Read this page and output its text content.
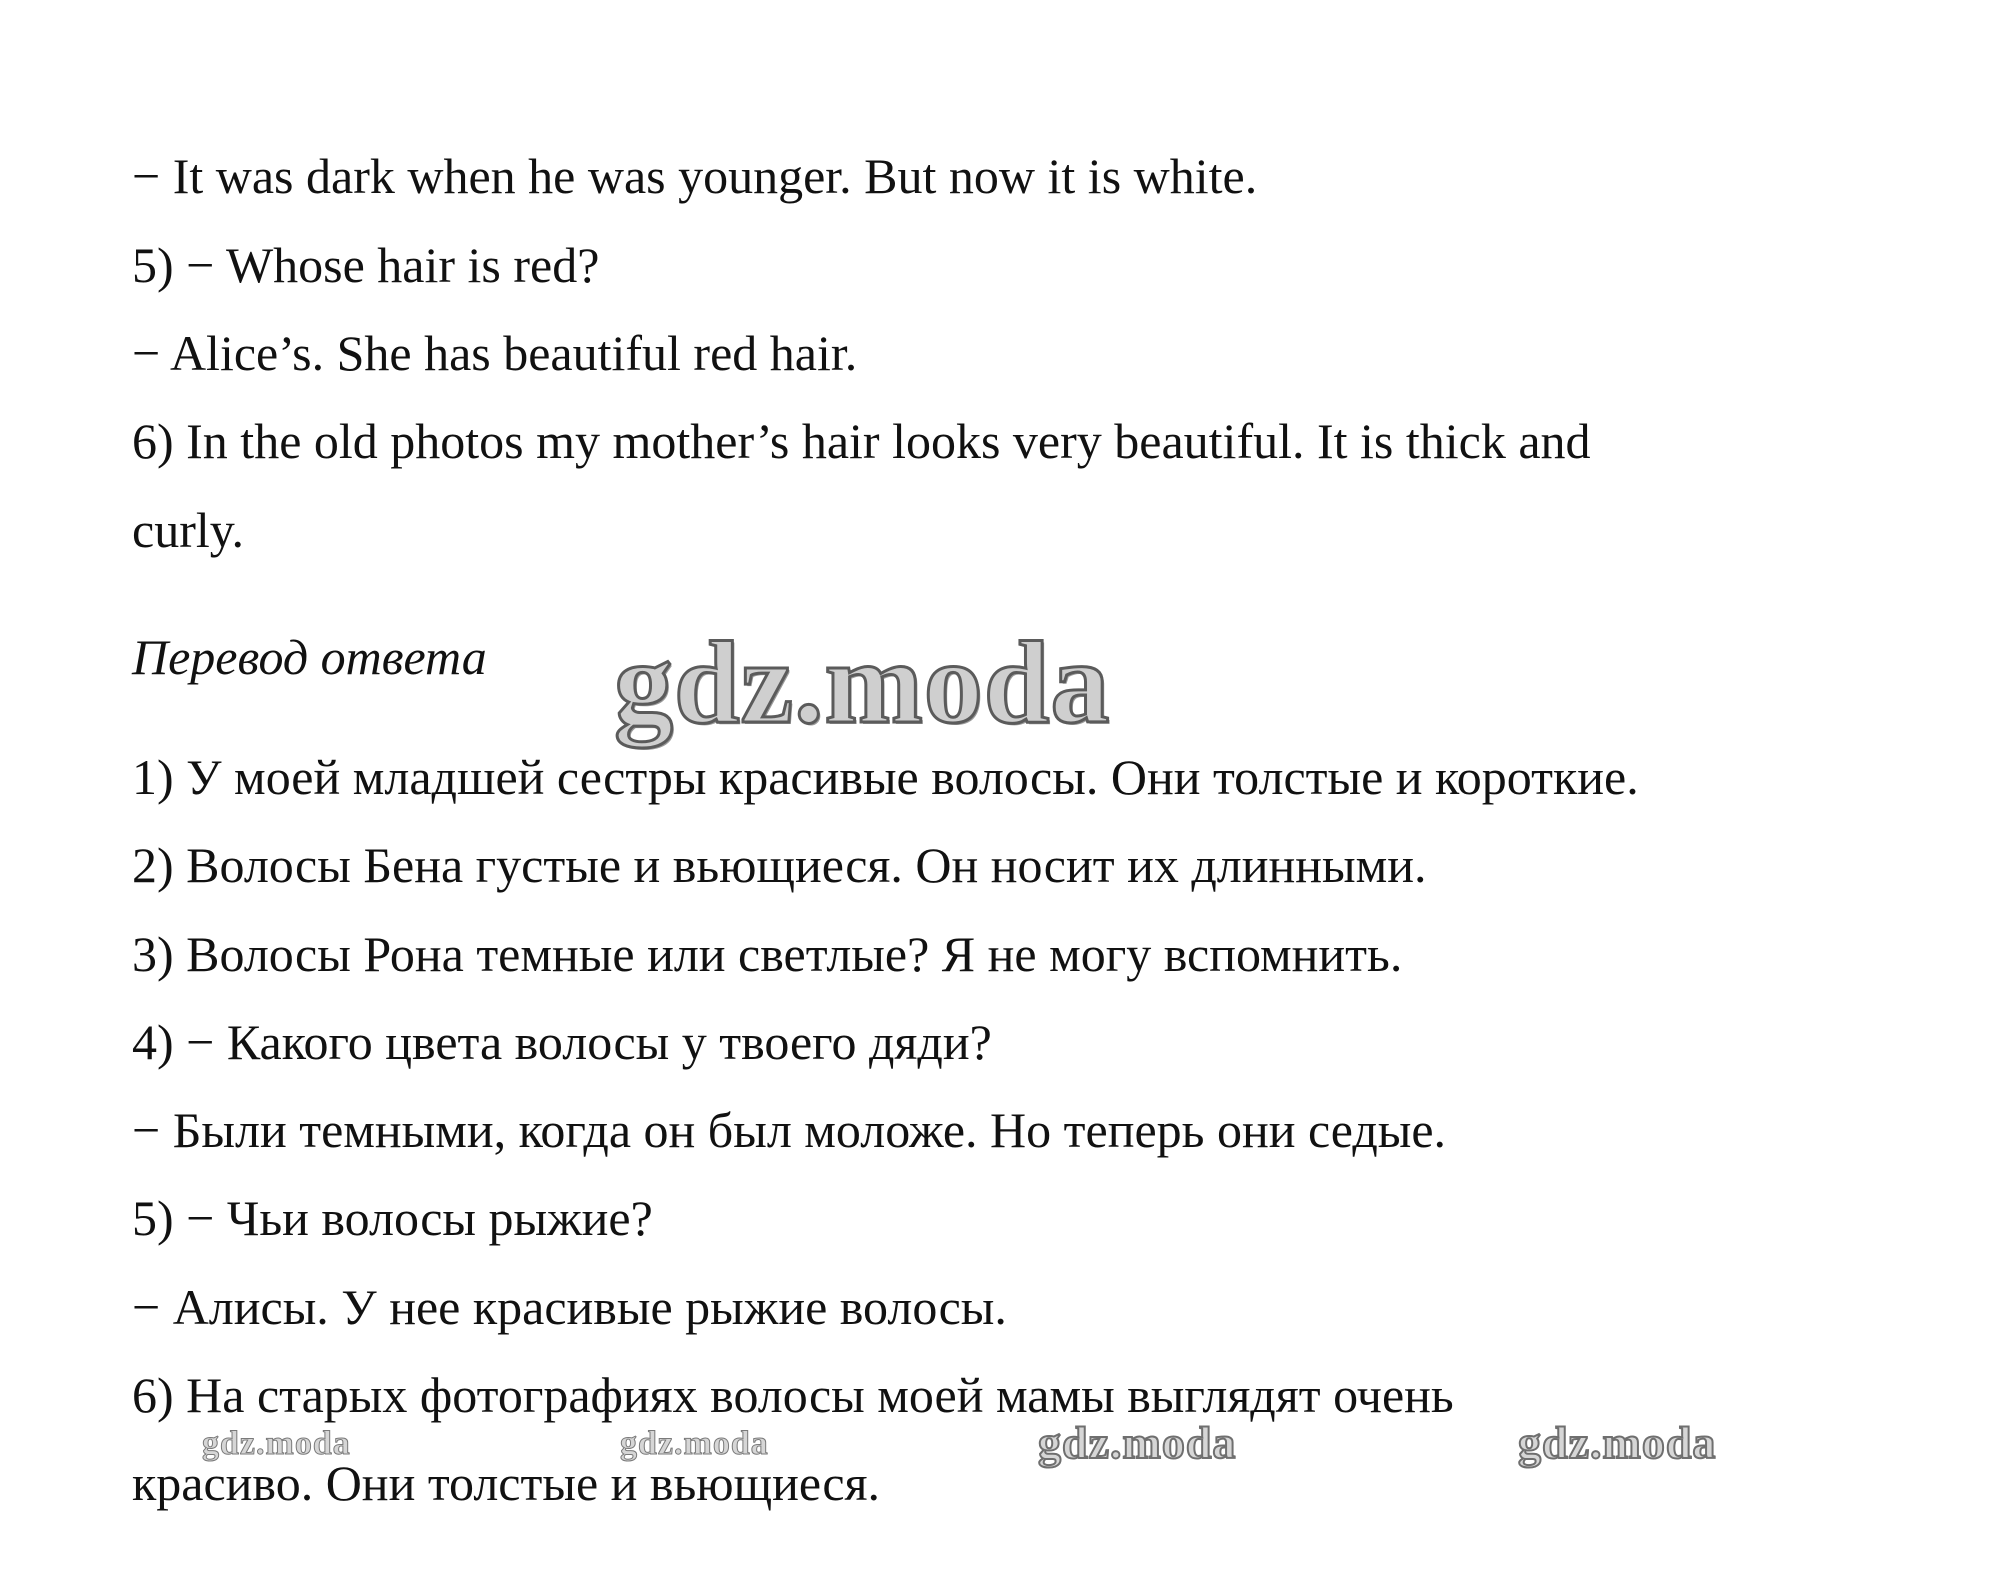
− It was dark when he was younger. But now it is white.
5) − Whose hair is red?
− Alice’s. She has beautiful red hair.
6) In the old photos my mother’s hair looks very beautiful. It is thick and
curly.
Перевод ответа
1) У моей младшей сестры красивые волосы. Они толстые и короткие.
2) Волосы Бена густые и вьющиеся. Он носит их длинными.
3) Волосы Рона темные или светлые? Я не могу вспомнить.
4) − Какого цвета волосы у твоего дяди?
− Были темными, когда он был моложе. Но теперь они седые.
5) − Чьи волосы рыжие?
− Алисы. У нее красивые рыжие волосы.
6) На старых фотографиях волосы моей мамы выглядят очень
красиво. Они толстые и вьющиеся.
gdz.moda
gdz.moda	gdz.moda	gdz.moda	gdz.moda
